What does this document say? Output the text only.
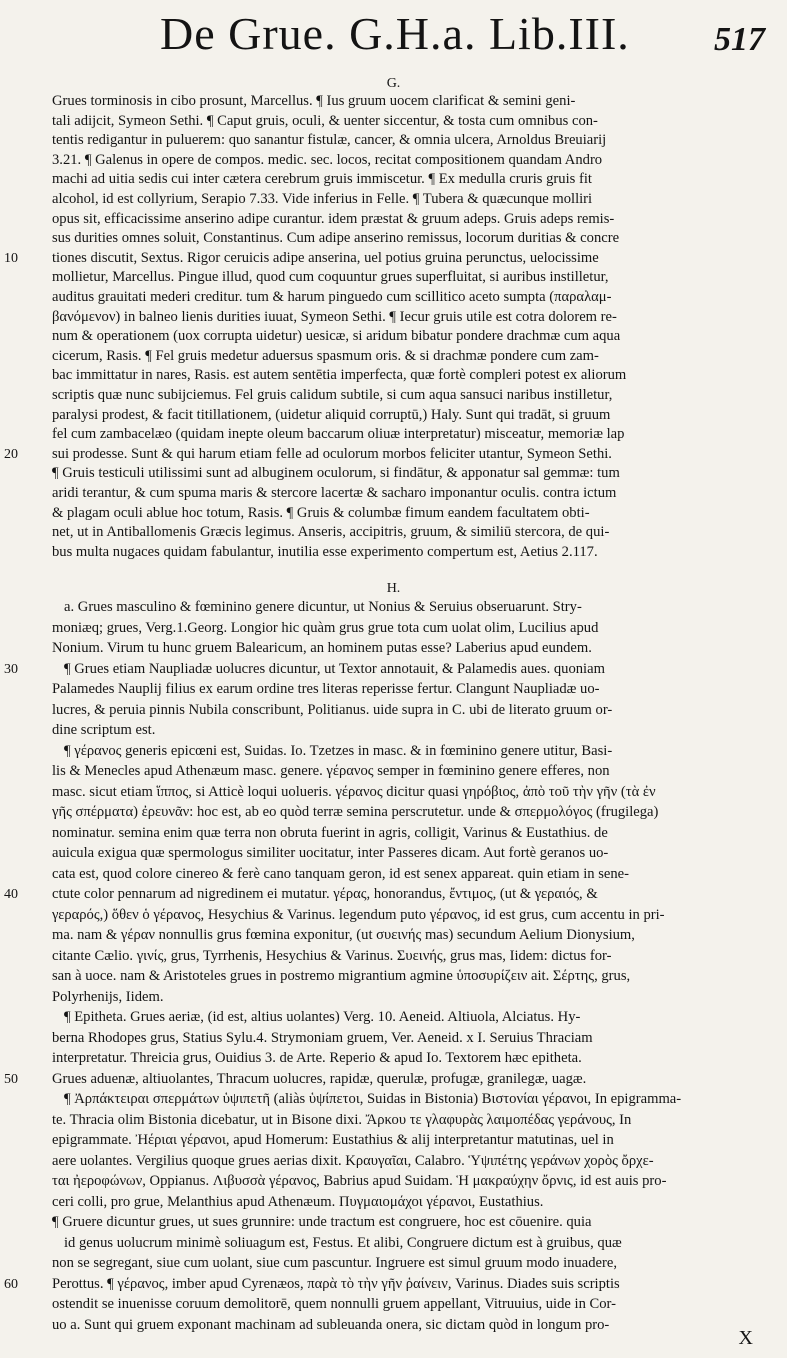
De Grue. G.H.a. Lib.III. 517
G.
Grues torminosis in cibo prosunt, Marcellus. ¶ Ius gruum uocem clarificat & semini geni-
tali adijcit, Symeon Sethi. ¶ Caput gruis, oculi, & uenter siccentur, & tosta cum omnibus con-
tentis redigantur in puluerem: quo sanantur fistulæ, cancer, & omnia ulcera, Arnoldus Breuiarij
3.21. ¶ Galenus in opere de compos. medic. sec. locos, recitat compositionem quandam Andro
machi ad uitia sedis cui inter cætera cerebrum gruis immiscetur. ¶ Ex medulla cruris gruis fit
alcohol, id est collyrium, Serapio 7.33. Vide inferius in Felle. ¶ Tubera & quæcunque molliri
opus sit, efficacissime anserino adipe curantur. idem præstat & gruum adeps. Gruis adeps remis-
sus durities omnes soluit, Constantinus. Cum adipe anserino remissus, locorum duritias & concre
tiones discutit, Sextus. Rigor ceruicis adipe anserina, uel potius gruina perunctus, uelocissime
mollietur, Marcellus. Pingue illud, quod cum coquuntur grues superfluitat, si auribus instilletur,
auditus grauitati mederi creditur. tum & harum pinguedo cum scillitico aceto sumpta (παραλαμ-
βανόμενον) in balneo lienis durities iuuat, Symeon Sethi. ¶ Iecur gruis utile est cotra dolorem re-
num & operationem (uox corrupta uidetur) uesicæ, si aridum bibatur pondere drachmæ cum aqua
cicerum, Rasis. ¶ Fel gruis medetur aduersus spasmum oris. & si drachmæ pondere cum zam-
bac immittatur in nares, Rasis. est autem sentētia imperfecta, quæ fortè compleri potest ex aliorum
scriptis quæ nunc subijciemus. Fel gruis calidum subtile, si cum aqua sansuci naribus instilletur,
paralysi prodest, & facit titillationem, (uidetur aliquid corruptū,) Haly. Sunt qui tradāt, si gruum
fel cum zambacelæo (quidam inepte oleum baccarum oliuæ interpretatur) misceatur, memoriæ lap
sui prodesse. Sunt & qui harum etiam felle ad oculorum morbos feliciter utantur, Symeon Sethi.
¶ Gruis testiculi utilissimi sunt ad albuginem oculorum, si findātur, & apponatur sal gemmæ: tum
aridi terantur, & cum spuma maris & stercore lacertæ & sacharo imponantur oculis. contra ictum
& plagam oculi ablue hoc totum, Rasis. ¶ Gruis & columbæ fimum eandem facultatem obti-
net, ut in Antiballomenis Græcis legimus. Anseris, accipitris, gruum, & similiū stercora, de qui-
bus multa nugaces quidam fabulantur, inutilia esse experimento compertum est, Aetius 2.117.
H.
a. Grues masculino & fœminino genere dicuntur, ut Nonius & Seruius obseruarunt. Stry-
moniæq; grues, Verg.1.Georg. Longior hic quàm grus grue tota cum uolat olim, Lucilius apud
Nonium. Virum tu hunc gruem Balearicum, an hominem putas esse? Laberius apud eundem.
¶ Grues etiam Naupliadæ uolucres dicuntur, ut Textor annotauit, & Palamedis aues. quoniam
Palamedes Nauplij filius ex earum ordine tres literas reperisse fertur. Clangunt Naupliadæ uo-
lucres, & peruia pinnis Nubila conscribunt, Politianus. uide supra in C. ubi de literato gruum or-
dine scriptum est.
¶ γέρανος generis epicœni est, Suidas. Io. Tzetzes in masc. & in fœminino genere utitur, Basi-
lis & Menecles apud Athenæum masc. genere. γέρανος semper in fœminino genere efferes, non
masc. sicut etiam ἵππος, si Atticè loqui uolueris. γέρανος dicitur quasi γηρόβιος, ἀπὸ τοῦ τὴν γῆν (τὰ ἐν
γῆς σπέρματα) ἐρευνᾶν: hoc est, ab eo quòd terræ semina perscrutetur. unde & σπερμολόγος (frugilega)
nominatur. semina enim quæ terra non obruta fuerint in agris, colligit, Varinus & Eustathius. de
auicula exigua quæ spermologus similiter uocitatur, inter Passeres dicam. Aut fortè geranos uo-
cata est, quod colore cinereo & ferè cano tanquam geron, id est senex appareat. quin etiam in sene-
ctute color pennarum ad nigredinem ei mutatur. γέρας, honorandus, ἔντιμος, (ut & γεραιός, &
γεραρός,) ὅθεν ὁ γέρανος, Hesychius & Varinus. legendum puto γέρανος, id est grus, cum accentu in pri-
ma. nam & γέραν nonnullis grus fœmina exponitur, (ut συεινής mas) secundum Aelium Dionysium,
citante Cælio. γινίς, grus, Tyrrhenis, Hesychius & Varinus. Συεινής, grus mas, Iidem: dictus for-
san à uoce. nam & Aristoteles grues in postremo migrantium agmine ὑποσυρίζειν ait. Σέρτης, grus,
Polyrhenijs, Iidem.
¶ Epitheta. Grues aeriæ, (id est, altius uolantes) Verg. 10. Aeneid. Altiuola, Alciatus. Hy-
berna Rhodopes grus, Statius Sylu.4. Strymoniam gruem, Ver. Aeneid. x I. Seruius Thraciam
interpretatur. Threicia grus, Ouidius 3. de Arte. Reperio & apud Io. Textorem hæc epitheta.
Grues aduenæ, altiuolantes, Thracum uolucres, rapidæ, querulæ, profugæ, granilegæ, uagæ.
¶ Ἀρπάκτειραι σπερμάτων ὑψιπετῆ (aliàs ὑψίπετοι, Suidas in Bistonia) Βιστονίαι γέρανοι, In epigramma-
te. Thracia olim Bistonia dicebatur, ut in Bisone dixi. Ἄρκου τε γλαφυρὰς λαιμοπέδας γεράνους, In
epigrammate. Ἠέριαι γέρανοι, apud Homerum: Eustathius & alij interpretantur matutinas, uel in
aere uolantes. Vergilius quoque grues aerias dixit. Κραυγαῖαι, Calabro. Ὑψιπέτης γεράνων χορὸς ὄρχε-
ται ἠεροφώνων, Oppianus. Λιβυσσὰ γέρανος, Babrius apud Suidam. Ἡ μακραύχην ὄρνις, id est auis pro-
ceri colli, pro grue, Melanthius apud Athenæum. Πυγμαιομάχοι γέρανοι, Eustathius.
¶ Gruere dicuntur grues, ut sues grunnire: unde tractum est congruere, hoc est cōuenire. quia
id genus uolucrum minimè soliuagum est, Festus. Et alibi, Congruere dictum est à gruibus, quæ
non se segregant, siue cum uolant, siue cum pascuntur. Ingruere est simul gruum modo inuadere,
Perottus. ¶ γέρανος, imber apud Cyrenæos, παρὰ τὸ τὴν γῆν ῥαίνειν, Varinus. Diades suis scriptis
ostendit se inuenisse coruum demolitorē, quem nonnulli gruem appellant, Vitruuius, uide in Cor-
uo a. Sunt qui gruem exponant machinam ad subleuanda onera, sic dictam quòd in longum pro-
10
20
30
40
50
60
X
